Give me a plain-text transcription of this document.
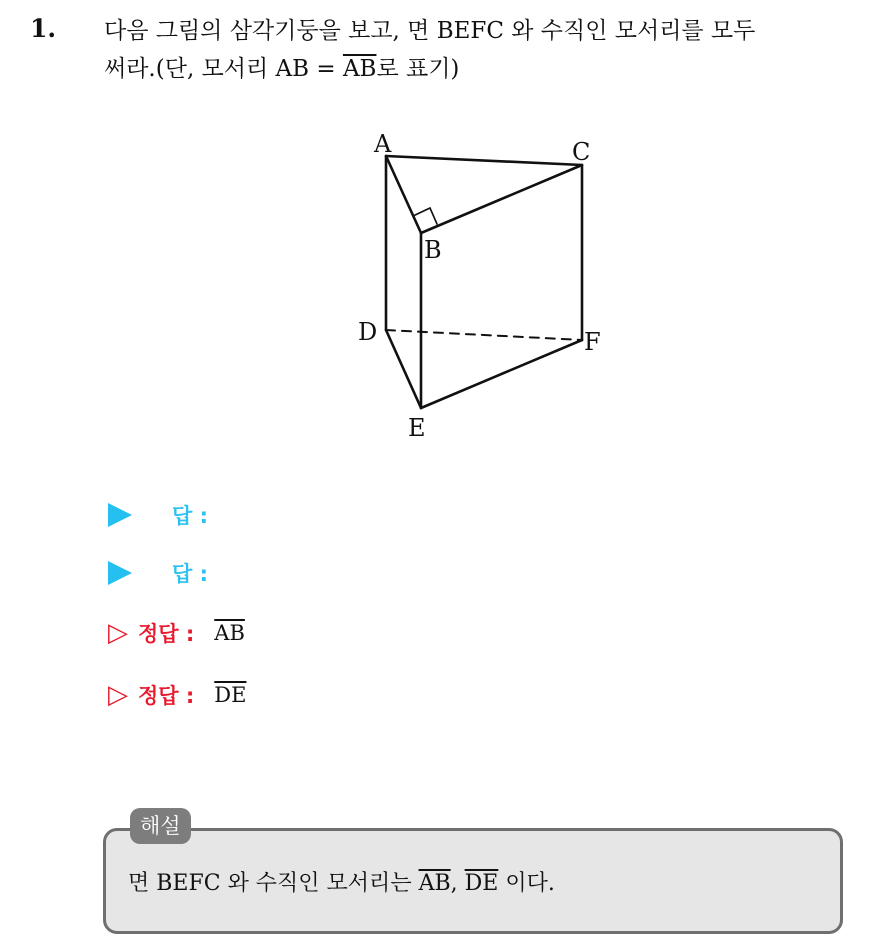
1. 다음 그림의 삼각기둥을 보고, 면 BEFC 와 수직인 모서리를 모두
써라.(단, 모서리 AB = $\overline{AB}$로 표기)
A	C
B
D	F
E
답 :
답 :
▷ 정답 : $\overline{AB}$
▷ 정답 : $\overline{DE}$
해설
면 BEFC 와 수직인 모서리는 $\overline{AB}$, $\overline{DE}$ 이다.
